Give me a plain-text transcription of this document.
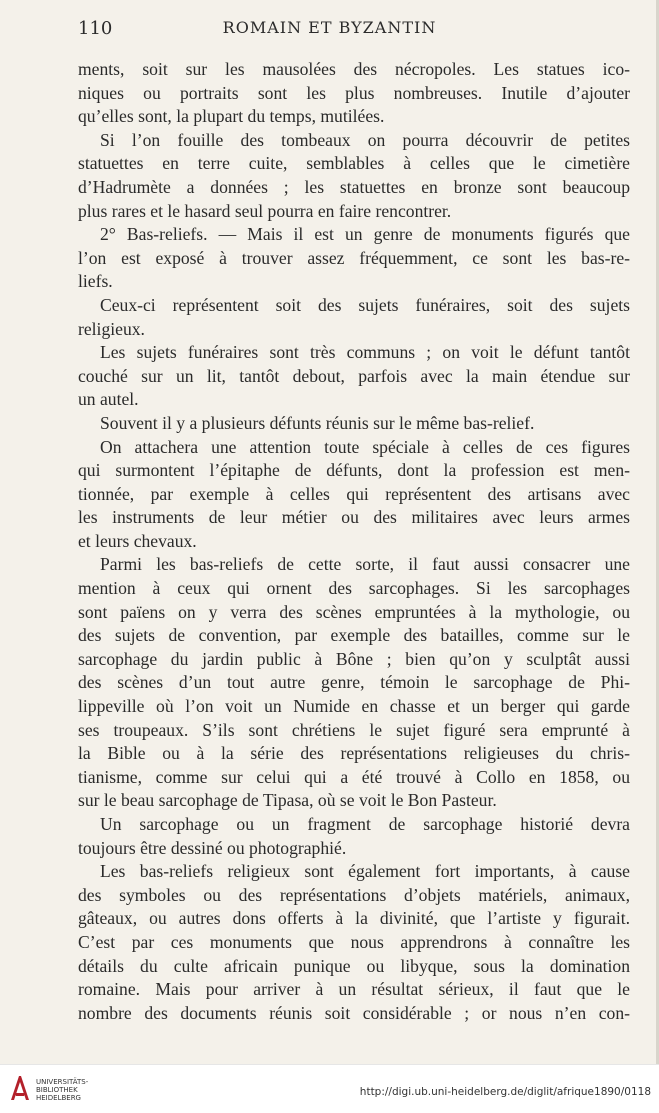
110	ROMAIN ET BYZANTIN
ments, soit sur les mausolées des nécropoles. Les statues ico-
niques ou portraits sont les plus nombreuses. Inutile d’ajouter
qu’elles sont, la plupart du temps, mutilées.
Si l’on fouille des tombeaux on pourra découvrir de petites
statuettes en terre cuite, semblables à celles que le cimetière
d’Hadrumète a données ; les statuettes en bronze sont beaucoup
plus rares et le hasard seul pourra en faire rencontrer.
2° Bas-reliefs. — Mais il est un genre de monuments figurés que
l’on est exposé à trouver assez fréquemment, ce sont les bas-re-
liefs.
Ceux-ci représentent soit des sujets funéraires, soit des sujets
religieux.
Les sujets funéraires sont très communs ; on voit le défunt tantôt
couché sur un lit, tantôt debout, parfois avec la main étendue sur
un autel.
Souvent il y a plusieurs défunts réunis sur le même bas-relief.
On attachera une attention toute spéciale à celles de ces figures
qui surmontent l’épitaphe de défunts, dont la profession est men-
tionnée, par exemple à celles qui représentent des artisans avec
les instruments de leur métier ou des militaires avec leurs armes
et leurs chevaux.
Parmi les bas-reliefs de cette sorte, il faut aussi consacrer une
mention à ceux qui ornent des sarcophages. Si les sarcophages
sont païens on y verra des scènes empruntées à la mythologie, ou
des sujets de convention, par exemple des batailles, comme sur le
sarcophage du jardin public à Bône ; bien qu’on y sculptât aussi
des scènes d’un tout autre genre, témoin le sarcophage de Phi-
lippeville où l’on voit un Numide en chasse et un berger qui garde
ses troupeaux. S’ils sont chrétiens le sujet figuré sera emprunté à
la Bible ou à la série des représentations religieuses du chris-
tianisme, comme sur celui qui a été trouvé à Collo en 1858, ou
sur le beau sarcophage de Tipasa, où se voit le Bon Pasteur.
Un sarcophage ou un fragment de sarcophage historié devra
toujours être dessiné ou photographié.
Les bas-reliefs religieux sont également fort importants, à cause
des symboles ou des représentations d’objets matériels, animaux,
gâteaux, ou autres dons offerts à la divinité, que l’artiste y figurait.
C’est par ces monuments que nous apprendrons à connaître les
détails du culte africain punique ou libyque, sous la domination
romaine. Mais pour arriver à un résultat sérieux, il faut que le
nombre des documents réunis soit considérable ; or nous n’en con-
UNIVERSITÄTS-
BIBLIOTHEK
HEIDELBERG	http://digi.ub.uni-heidelberg.de/diglit/afrique1890/0118
